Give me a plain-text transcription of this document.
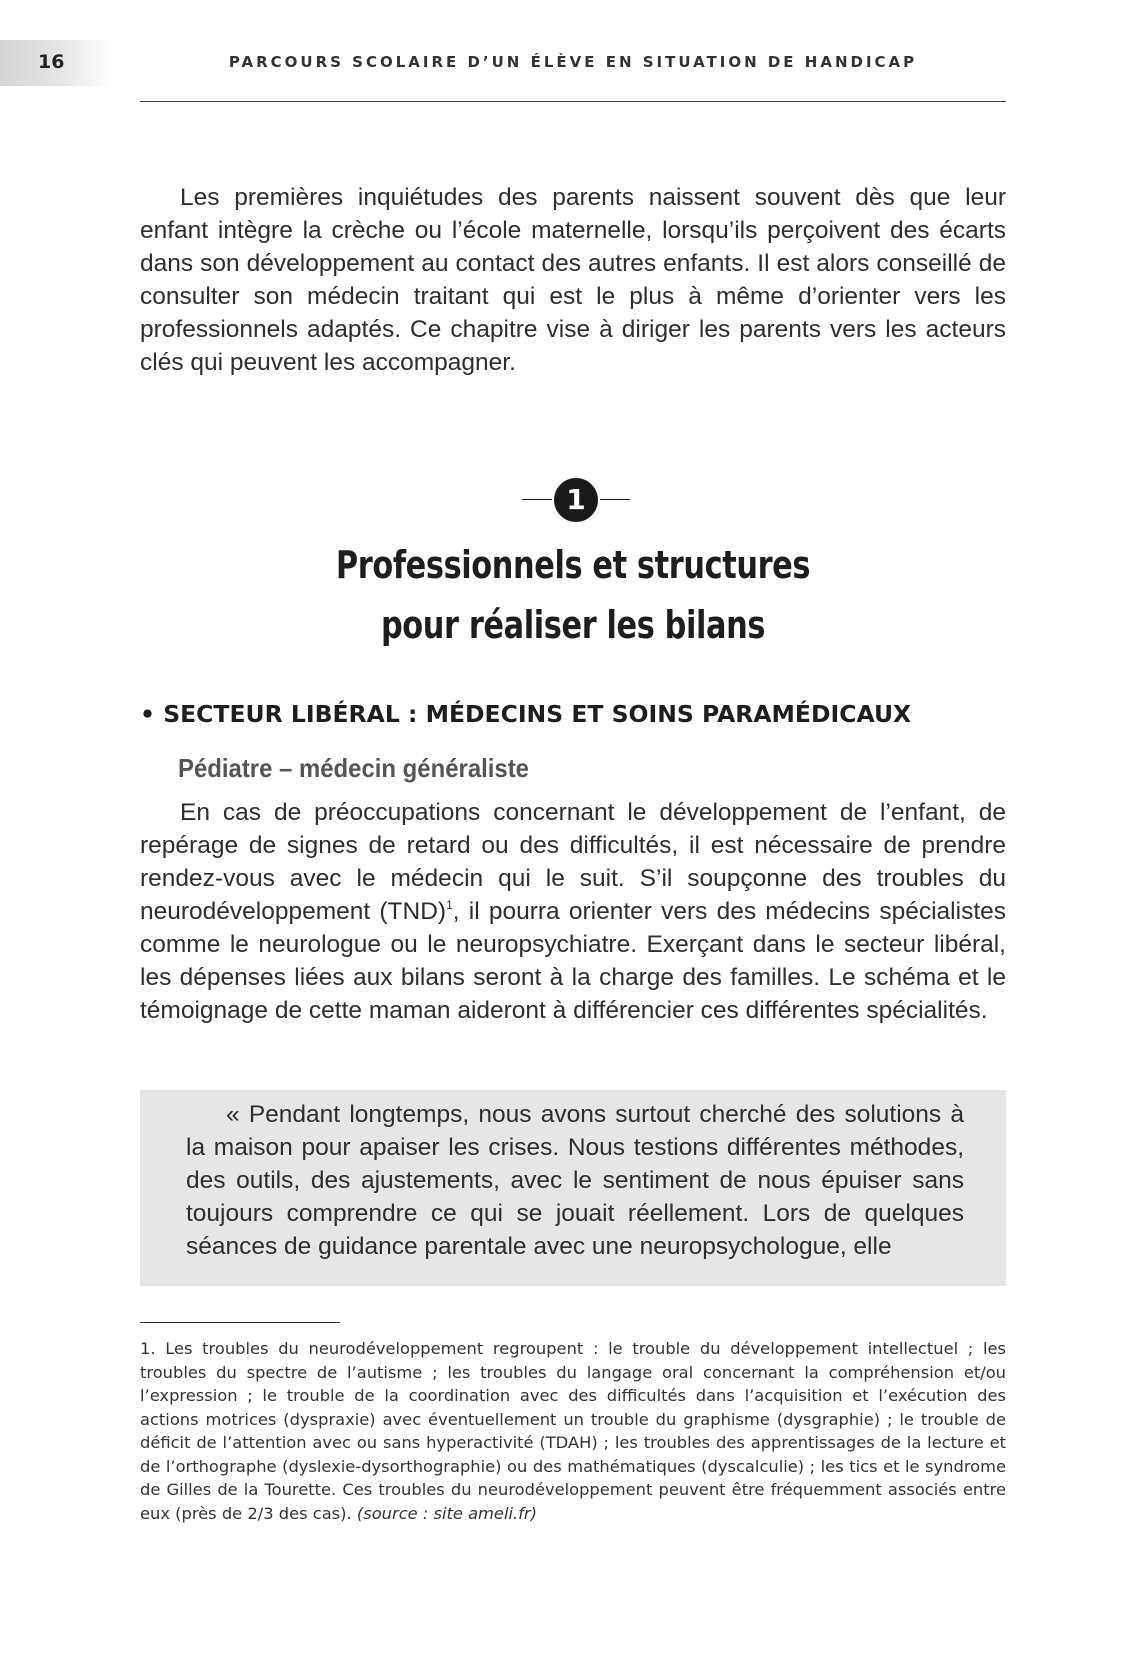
16	PARCOURS SCOLAIRE D’UN ÉLÈVE EN SITUATION DE HANDICAP

Les premières inquiétudes des parents naissent souvent dès que leur enfant intègre la crèche ou l’école maternelle, lorsqu’ils perçoivent des écarts dans son développement au contact des autres enfants. Il est alors conseillé de consulter son médecin traitant qui est le plus à même d’orienter vers les professionnels adaptés. Ce chapitre vise à diriger les parents vers les acteurs clés qui peuvent les accompagner.

1
Professionnels et structures
pour réaliser les bilans
• SECTEUR LIBÉRAL : MÉDECINS ET SOINS PARAMÉDICAUX
Pédiatre – médecin généraliste

En cas de préoccupations concernant le développement de l’enfant, de repérage de signes de retard ou des difficultés, il est nécessaire de prendre rendez-vous avec le médecin qui le suit. S’il soupçonne des troubles du neurodéveloppement (TND)$^1$, il pourra orienter vers des médecins spécialistes comme le neurologue ou le neuropsychiatre. Exerçant dans le secteur libéral, les dépenses liées aux bilans seront à la charge des familles. Le schéma et le témoignage de cette maman aideront à différencier ces différentes spécialités.

« Pendant longtemps, nous avons surtout cherché des solutions à la maison pour apaiser les crises. Nous testions différentes méthodes, des outils, des ajustements, avec le sentiment de nous épuiser sans toujours comprendre ce qui se jouait réellement. Lors de quelques séances de guidance parentale avec une neuropsychologue, elle

1. Les troubles du neurodéveloppement regroupent : le trouble du développement intellectuel ; les troubles du spectre de l’autisme ; les troubles du langage oral concernant la compréhension et/ou l’expression ; le trouble de la coordination avec des difficultés dans l’acquisition et l’exécution des actions motrices (dyspraxie) avec éventuellement un trouble du graphisme (dysgraphie) ; le trouble de déficit de l’attention avec ou sans hyperactivité (TDAH) ; les troubles des apprentissages de la lecture et de l’orthographe (dyslexie-dysorthographie) ou des mathématiques (dyscalculie) ; les tics et le syndrome de Gilles de la Tourette. Ces troubles du neurodéveloppement peuvent être fréquemment associés entre eux (près de 2/3 des cas). (source : site ameli.fr)
